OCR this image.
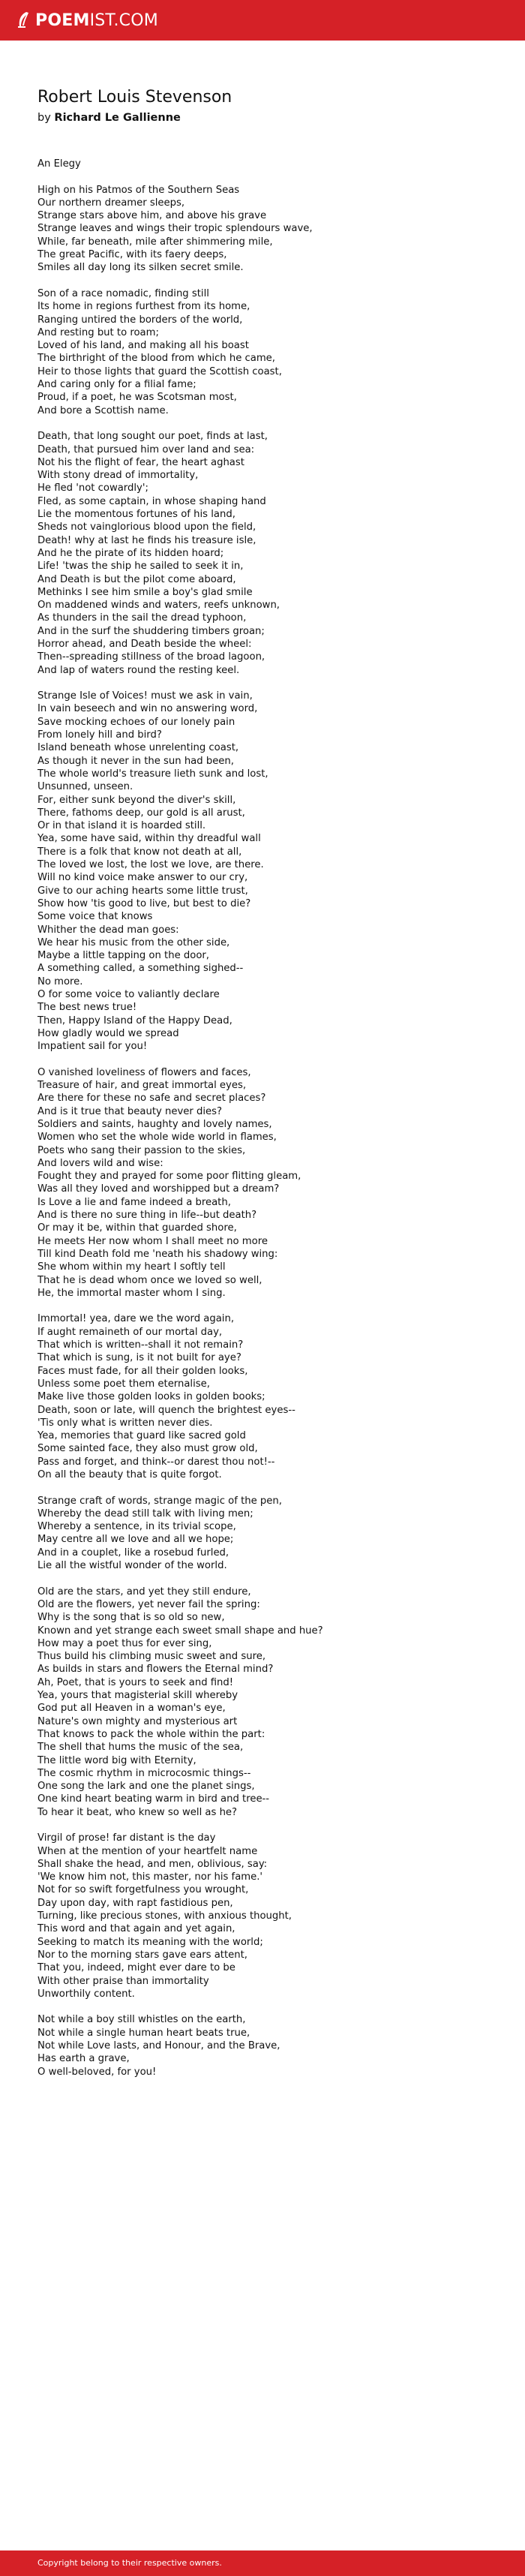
POEMIST.COM
Robert Louis Stevenson
by Richard Le Gallienne
An Elegy
High on his Patmos of the Southern Seas
Our northern dreamer sleeps,
Strange stars above him, and above his grave
Strange leaves and wings their tropic splendours wave,
While, far beneath, mile after shimmering mile,
The great Pacific, with its faery deeps,
Smiles all day long its silken secret smile.
Son of a race nomadic, finding still
Its home in regions furthest from its home,
Ranging untired the borders of the world,
And resting but to roam;
Loved of his land, and making all his boast
The birthright of the blood from which he came,
Heir to those lights that guard the Scottish coast,
And caring only for a filial fame;
Proud, if a poet, he was Scotsman most,
And bore a Scottish name.
Death, that long sought our poet, finds at last,
Death, that pursued him over land and sea:
Not his the flight of fear, the heart aghast
With stony dread of immortality,
He fled 'not cowardly';
Fled, as some captain, in whose shaping hand
Lie the momentous fortunes of his land,
Sheds not vainglorious blood upon the field,
Death! why at last he finds his treasure isle,
And he the pirate of its hidden hoard;
Life! 'twas the ship he sailed to seek it in,
And Death is but the pilot come aboard,
Methinks I see him smile a boy's glad smile
On maddened winds and waters, reefs unknown,
As thunders in the sail the dread typhoon,
And in the surf the shuddering timbers groan;
Horror ahead, and Death beside the wheel:
Then--spreading stillness of the broad lagoon,
And lap of waters round the resting keel.
Strange Isle of Voices! must we ask in vain,
In vain beseech and win no answering word,
Save mocking echoes of our lonely pain
From lonely hill and bird?
Island beneath whose unrelenting coast,
As though it never in the sun had been,
The whole world's treasure lieth sunk and lost,
Unsunned, unseen.
For, either sunk beyond the diver's skill,
There, fathoms deep, our gold is all arust,
Or in that island it is hoarded still.
Yea, some have said, within thy dreadful wall
There is a folk that know not death at all,
The loved we lost, the lost we love, are there.
Will no kind voice make answer to our cry,
Give to our aching hearts some little trust,
Show how 'tis good to live, but best to die?
Some voice that knows
Whither the dead man goes:
We hear his music from the other side,
Maybe a little tapping on the door,
A something called, a something sighed--
No more.
O for some voice to valiantly declare
The best news true!
Then, Happy Island of the Happy Dead,
How gladly would we spread
Impatient sail for you!
O vanished loveliness of flowers and faces,
Treasure of hair, and great immortal eyes,
Are there for these no safe and secret places?
And is it true that beauty never dies?
Soldiers and saints, haughty and lovely names,
Women who set the whole wide world in flames,
Poets who sang their passion to the skies,
And lovers wild and wise:
Fought they and prayed for some poor flitting gleam,
Was all they loved and worshipped but a dream?
Is Love a lie and fame indeed a breath,
And is there no sure thing in life--but death?
Or may it be, within that guarded shore,
He meets Her now whom I shall meet no more
Till kind Death fold me 'neath his shadowy wing:
She whom within my heart I softly tell
That he is dead whom once we loved so well,
He, the immortal master whom I sing.
Immortal! yea, dare we the word again,
If aught remaineth of our mortal day,
That which is written--shall it not remain?
That which is sung, is it not built for aye?
Faces must fade, for all their golden looks,
Unless some poet them eternalise,
Make live those golden looks in golden books;
Death, soon or late, will quench the brightest eyes--
'Tis only what is written never dies.
Yea, memories that guard like sacred gold
Some sainted face, they also must grow old,
Pass and forget, and think--or darest thou not!--
On all the beauty that is quite forgot.
Strange craft of words, strange magic of the pen,
Whereby the dead still talk with living men;
Whereby a sentence, in its trivial scope,
May centre all we love and all we hope;
And in a couplet, like a rosebud furled,
Lie all the wistful wonder of the world.
Old are the stars, and yet they still endure,
Old are the flowers, yet never fail the spring:
Why is the song that is so old so new,
Known and yet strange each sweet small shape and hue?
How may a poet thus for ever sing,
Thus build his climbing music sweet and sure,
As builds in stars and flowers the Eternal mind?
Ah, Poet, that is yours to seek and find!
Yea, yours that magisterial skill whereby
God put all Heaven in a woman's eye,
Nature's own mighty and mysterious art
That knows to pack the whole within the part:
The shell that hums the music of the sea,
The little word big with Eternity,
The cosmic rhythm in microcosmic things--
One song the lark and one the planet sings,
One kind heart beating warm in bird and tree--
To hear it beat, who knew so well as he?
Virgil of prose! far distant is the day
When at the mention of your heartfelt name
Shall shake the head, and men, oblivious, say:
'We know him not, this master, nor his fame.'
Not for so swift forgetfulness you wrought,
Day upon day, with rapt fastidious pen,
Turning, like precious stones, with anxious thought,
This word and that again and yet again,
Seeking to match its meaning with the world;
Nor to the morning stars gave ears attent,
That you, indeed, might ever dare to be
With other praise than immortality
Unworthily content.
Not while a boy still whistles on the earth,
Not while a single human heart beats true,
Not while Love lasts, and Honour, and the Brave,
Has earth a grave,
O well-beloved, for you!
Copyright belong to their respective owners.
